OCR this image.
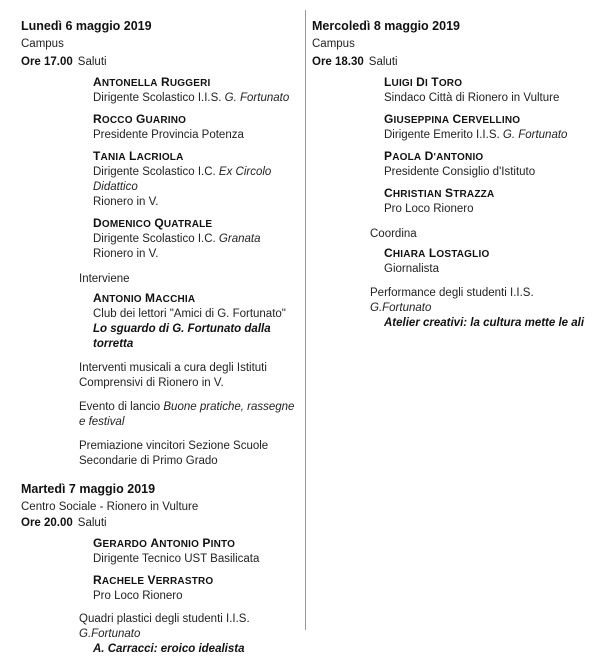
Lunedì 6 maggio 2019
Campus
Ore 17.00 Saluti
ANTONELLA RUGGERI
Dirigente Scolastico I.I.S. G. Fortunato
ROCCO GUARINO
Presidente Provincia Potenza
TANIA LACRIOLA
Dirigente Scolastico I.C. Ex Circolo Didattico
Rionero in V.
DOMENICO QUATRALE
Dirigente Scolastico I.C. Granata Rionero in V.
Interviene
ANTONIO MACCHIA
Club dei lettori "Amici di G. Fortunato"
Lo sguardo di G. Fortunato dalla torretta
Interventi musicali a cura degli Istituti Comprensivi di Rionero in V.
Evento di lancio Buone pratiche, rassegne e festival
Premiazione vincitori Sezione Scuole Secondarie di Primo Grado
Martedì 7 maggio 2019
Centro Sociale - Rionero in Vulture
Ore 20.00 Saluti
GERARDO ANTONIO PINTO
Dirigente Tecnico UST Basilicata
RACHELE VERRASTRO
Pro Loco Rionero
Quadri plastici degli studenti I.I.S. G.Fortunato
A. Carracci: eroico idealista
Mercoledì 8 maggio 2019
Campus
Ore 18.30 Saluti
LUIGI DI TORO
Sindaco Città di Rionero in Vulture
GIUSEPPINA CERVELLINO
Dirigente Emerito I.I.S. G. Fortunato
PAOLA D'ANTONIO
Presidente Consiglio d'Istituto
CHRISTIAN STRAZZA
Pro Loco Rionero
Coordina
CHIARA LOSTAGLIO
Giornalista
Performance degli studenti I.I.S. G.Fortunato
Atelier creativi: la cultura mette le ali
